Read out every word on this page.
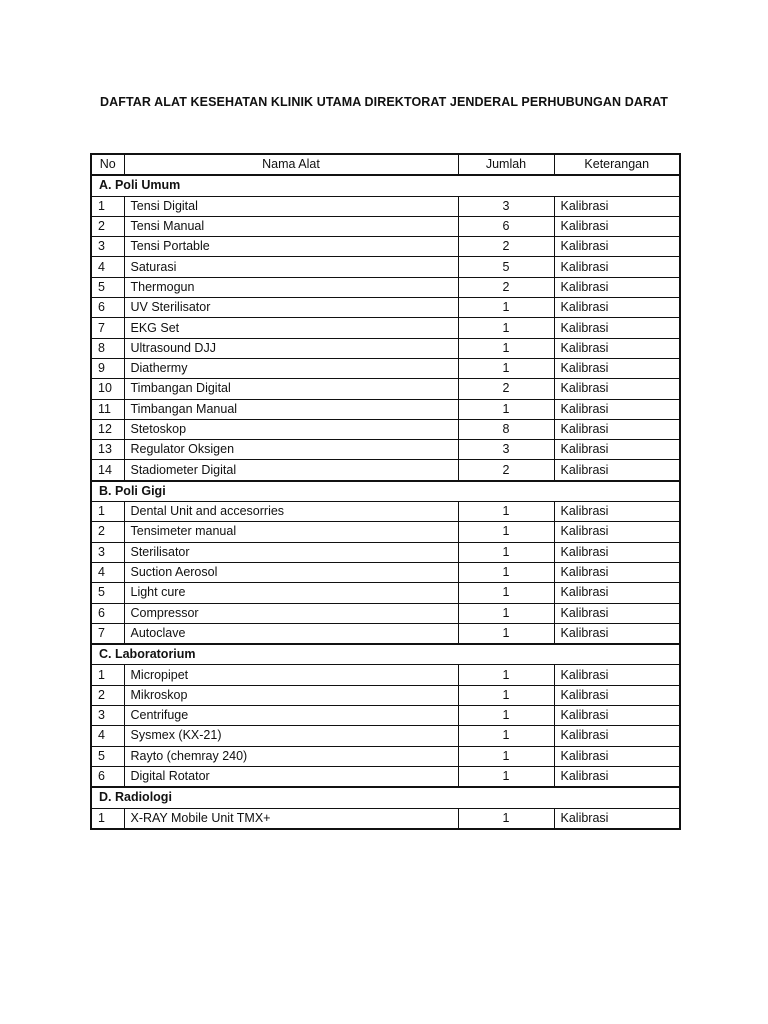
DAFTAR ALAT KESEHATAN KLINIK UTAMA DIREKTORAT JENDERAL PERHUBUNGAN DARAT
No	Nama Alat	Jumlah	Keterangan
A. Poli Umum			
1	Tensi Digital	3	Kalibrasi
2	Tensi Manual	6	Kalibrasi
3	Tensi Portable	2	Kalibrasi
4	Saturasi	5	Kalibrasi
5	Thermogun	2	Kalibrasi
6	UV Sterilisator	1	Kalibrasi
7	EKG Set	1	Kalibrasi
8	Ultrasound DJJ	1	Kalibrasi
9	Diathermy	1	Kalibrasi
10	Timbangan Digital	2	Kalibrasi
11	Timbangan Manual	1	Kalibrasi
12	Stetoskop	8	Kalibrasi
13	Regulator Oksigen	3	Kalibrasi
14	Stadiometer Digital	2	Kalibrasi
B. Poli Gigi			
1	Dental Unit and accesorries	1	Kalibrasi
2	Tensimeter manual	1	Kalibrasi
3	Sterilisator	1	Kalibrasi
4	Suction Aerosol	1	Kalibrasi
5	Light cure	1	Kalibrasi
6	Compressor	1	Kalibrasi
7	Autoclave	1	Kalibrasi
C. Laboratorium			
1	Micropipet	1	Kalibrasi
2	Mikroskop	1	Kalibrasi
3	Centrifuge	1	Kalibrasi
4	Sysmex (KX-21)	1	Kalibrasi
5	Rayto (chemray 240)	1	Kalibrasi
6	Digital Rotator	1	Kalibrasi
D. Radiologi			
1	X-RAY Mobile Unit TMX+	1	Kalibrasi
